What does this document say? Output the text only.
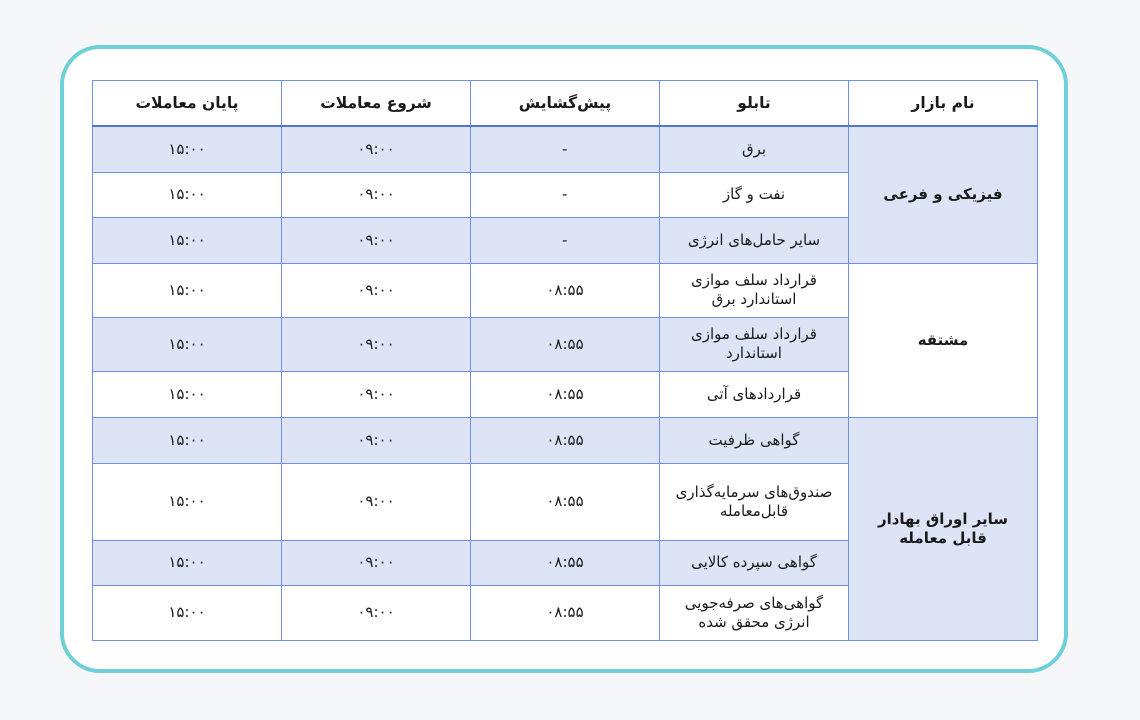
نام بازار	تابلو	پیش‌گشایش	شروع معاملات	پایان معاملات
فیزیکی و فرعی	برق	-	۰۹:۰۰	۱۵:۰۰
	نفت و گاز	-	۰۹:۰۰	۱۵:۰۰
	سایر حامل‌های انرژی	-	۰۹:۰۰	۱۵:۰۰
مشتقه	قرارداد سلف موازی استاندارد برق	۰۸:۵۵	۰۹:۰۰	۱۵:۰۰
	قرارداد سلف موازی استاندارد	۰۸:۵۵	۰۹:۰۰	۱۵:۰۰
	قراردادهای آتی	۰۸:۵۵	۰۹:۰۰	۱۵:۰۰
سایر اوراق بهادار قابل معامله	گواهی ظرفیت	۰۸:۵۵	۰۹:۰۰	۱۵:۰۰
	صندوق‌های سرمایه‌گذاری قابل‌معامله	۰۸:۵۵	۰۹:۰۰	۱۵:۰۰
	گواهی سپرده کالایی	۰۸:۵۵	۰۹:۰۰	۱۵:۰۰
	گواهی‌های صرفه‌جویی انرژی محقق شده	۰۸:۵۵	۰۹:۰۰	۱۵:۰۰
